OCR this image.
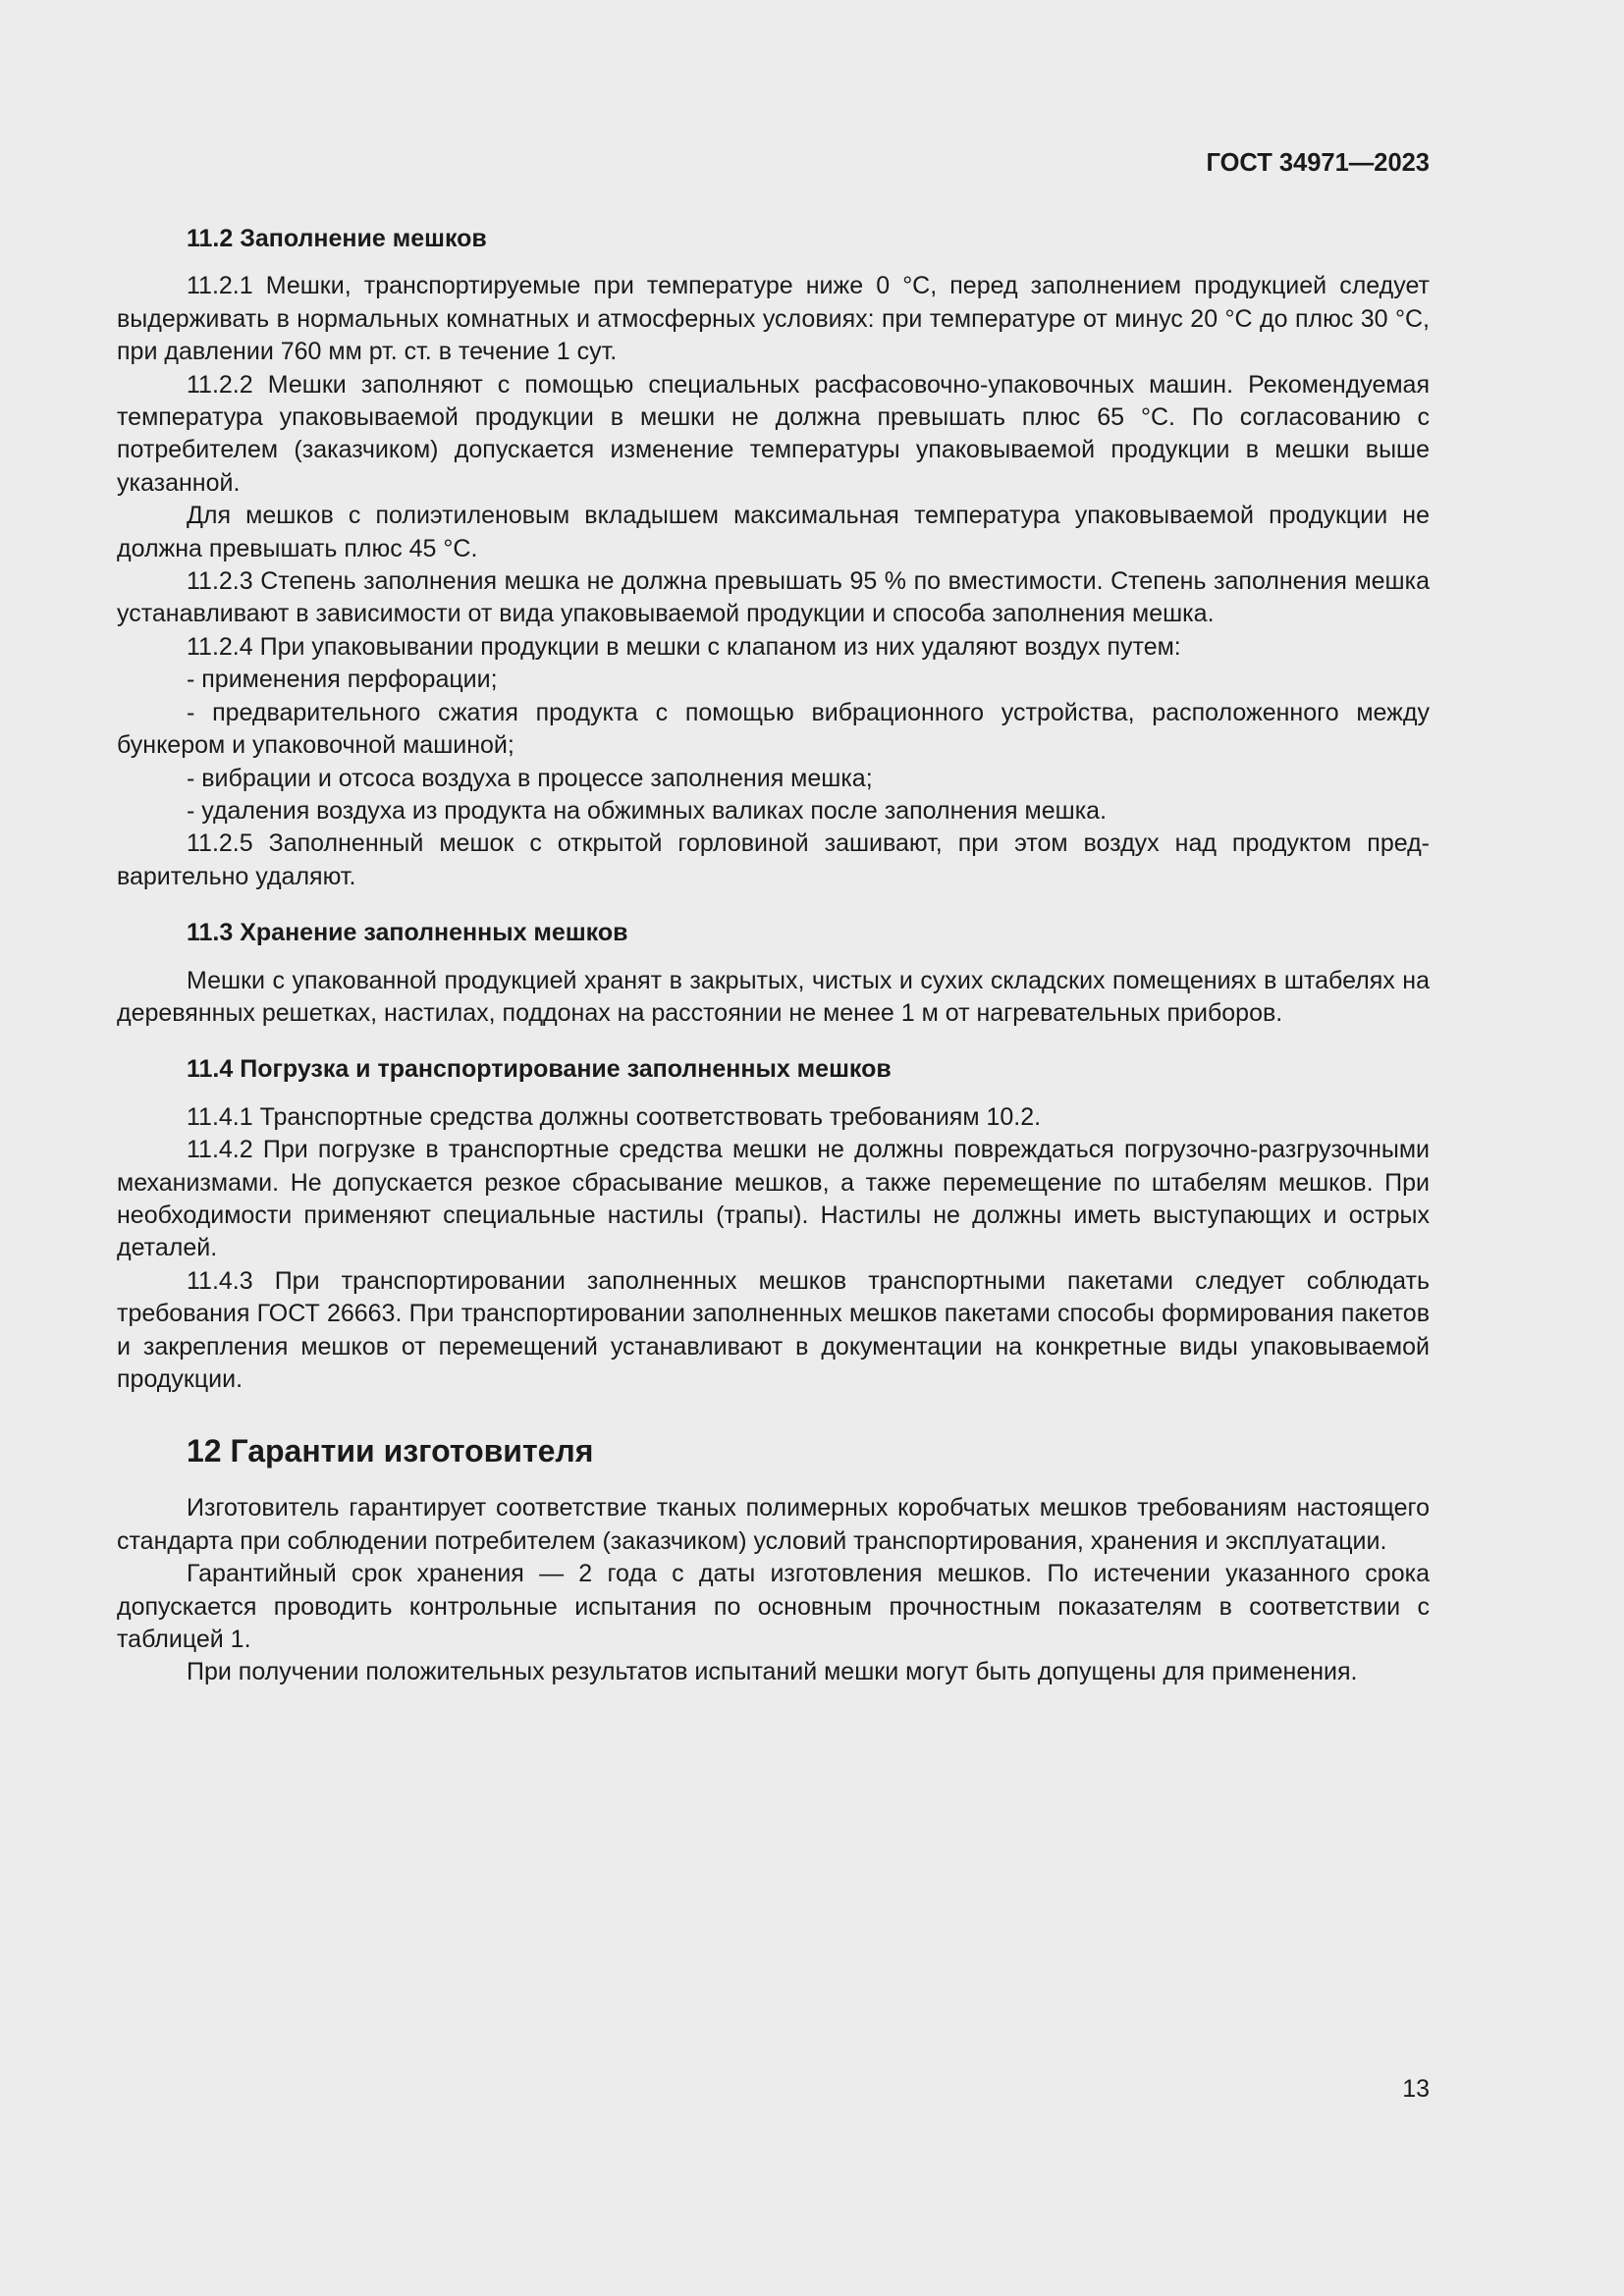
ГОСТ 34971—2023
11.2 Заполнение мешков

11.2.1 Мешки, транспортируемые при температуре ниже 0 °С, перед заполнением продукцией следует выдерживать в нормальных комнатных и атмосферных условиях: при температуре от минус 20 °С до плюс 30 °С, при давлении 760 мм рт. ст. в течение 1 сут.

11.2.2 Мешки заполняют с помощью специальных расфасовочно-упаковочных машин. Рекомендуемая температура упаковываемой продукции в мешки не должна превышать плюс 65 °С. По согласованию с потребителем (заказчиком) допускается изменение температуры упаковываемой продукции в мешки выше указанной.

Для мешков с полиэтиленовым вкладышем максимальная температура упаковываемой продукции не должна превышать плюс 45 °С.

11.2.3 Степень заполнения мешка не должна превышать 95 % по вместимости. Степень заполнения мешка устанавливают в зависимости от вида упаковываемой продукции и способа заполнения мешка.

11.2.4 При упаковывании продукции в мешки с клапаном из них удаляют воздух путем:

- применения перфорации;

- предварительного сжатия продукта с помощью вибрационного устройства, расположенного между бункером и упаковочной машиной;

- вибрации и отсоса воздуха в процессе заполнения мешка;

- удаления воздуха из продукта на обжимных валиках после заполнения мешка.

11.2.5 Заполненный мешок с открытой горловиной зашивают, при этом воздух над продуктом предварительно удаляют.

11.3 Хранение заполненных мешков

Мешки с упакованной продукцией хранят в закрытых, чистых и сухих складских помещениях в штабелях на деревянных решетках, настилах, поддонах на расстоянии не менее 1 м от нагревательных приборов.

11.4 Погрузка и транспортирование заполненных мешков

11.4.1 Транспортные средства должны соответствовать требованиям 10.2.

11.4.2 При погрузке в транспортные средства мешки не должны повреждаться погрузочно-разгрузочными механизмами. Не допускается резкое сбрасывание мешков, а также перемещение по штабелям мешков. При необходимости применяют специальные настилы (трапы). Настилы не должны иметь выступающих и острых деталей.

11.4.3 При транспортировании заполненных мешков транспортными пакетами следует соблюдать требования ГОСТ 26663. При транспортировании заполненных мешков пакетами способы формирования пакетов и закрепления мешков от перемещений устанавливают в документации на конкретные виды упаковываемой продукции.

12 Гарантии изготовителя

Изготовитель гарантирует соответствие тканых полимерных коробчатых мешков требованиям настоящего стандарта при соблюдении потребителем (заказчиком) условий транспортирования, хранения и эксплуатации.

Гарантийный срок хранения — 2 года с даты изготовления мешков. По истечении указанного срока допускается проводить контрольные испытания по основным прочностным показателям в соответствии с таблицей 1.

При получении положительных результатов испытаний мешки могут быть допущены для применения.

13
